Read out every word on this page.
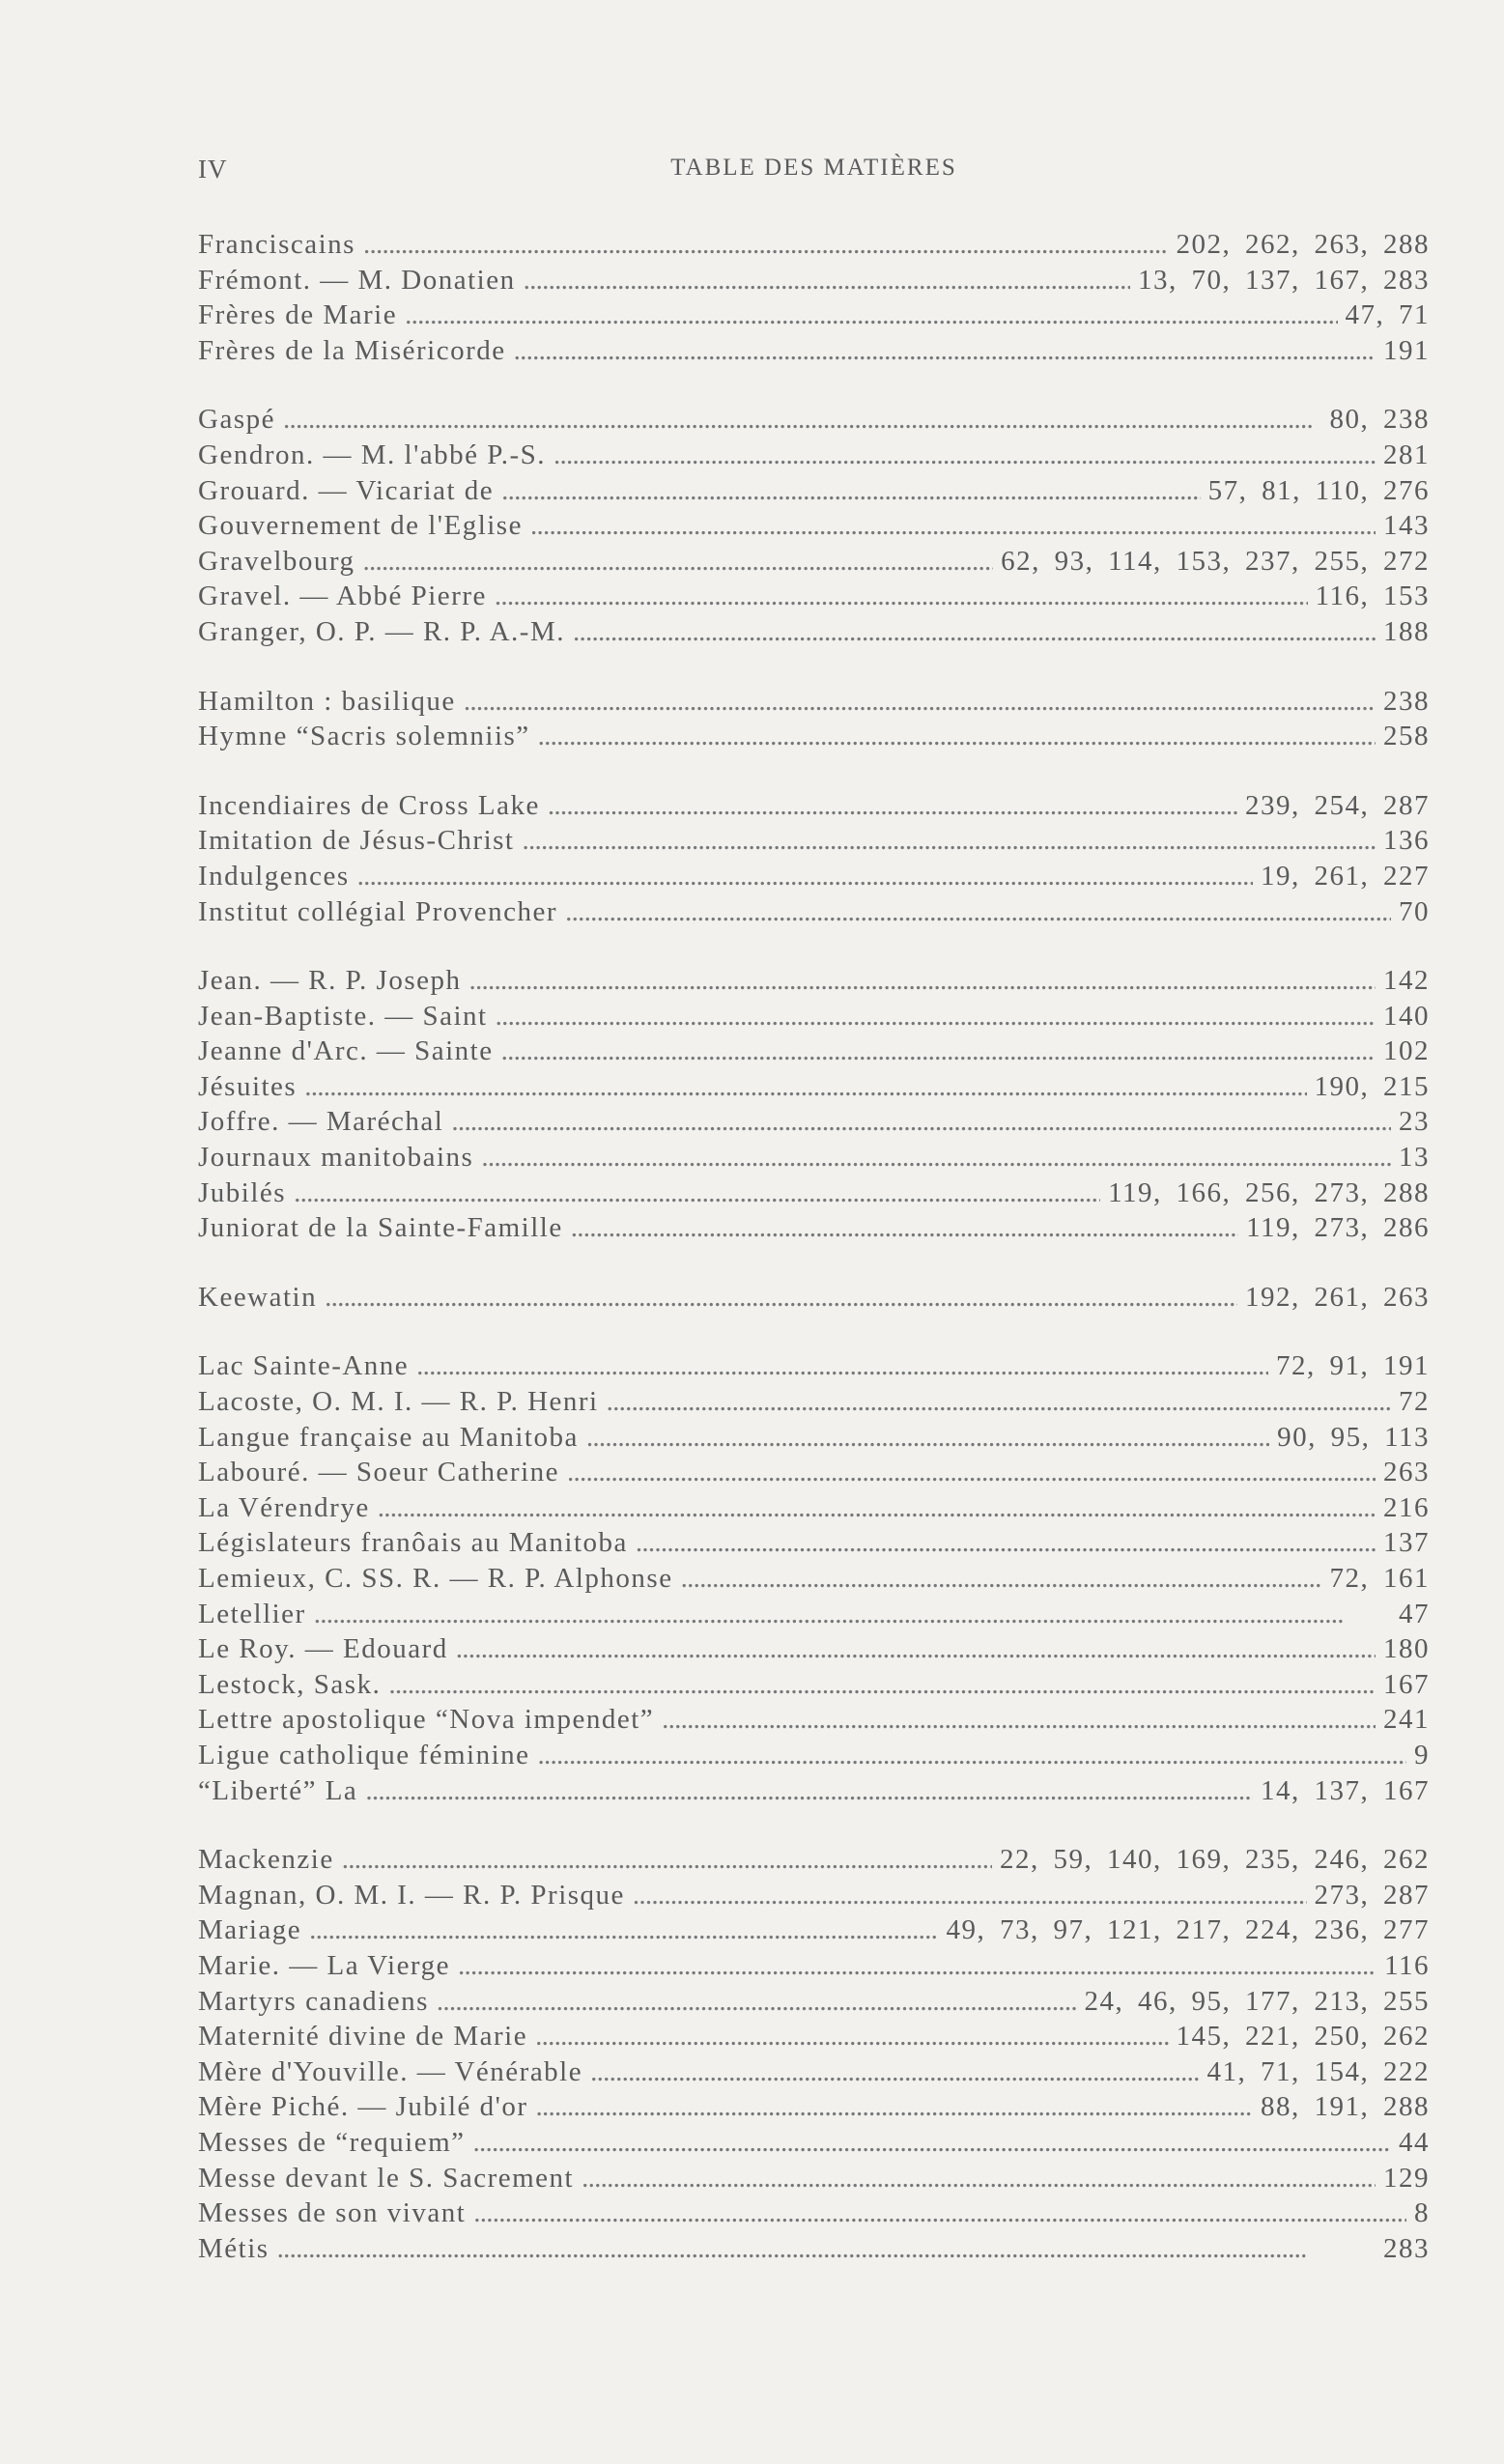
IV	TABLE DES MATIÈRES
Franciscains . . .	202, 262, 263, 288
Frémont. — M. Donatien . . .	13, 70, 137, 167, 283
Frères de Marie . . .	47, 71
Frères de la Miséricorde . . .	191
Gaspé . . .	80, 238
Gendron. — M. l'abbé P.-S. . . .	281
Grouard. — Vicariat de . . .	57, 81, 110, 276
Gouvernement de l'Eglise . . .	143
Gravelbourg . . .	62, 93, 114, 153, 237, 255, 272
Gravel. — Abbé Pierre . . .	116, 153
Granger, O. P. — R. P. A.-M. . . .	188
Hamilton : basilique . . .	238
Hymne “Sacris solemniis” . . .	258
Incendiaires de Cross Lake . . .	239, 254, 287
Imitation de Jésus-Christ . . .	136
Indulgences . . .	19, 261, 227
Institut collégial Provencher . . .	70
Jean. — R. P. Joseph . . .	142
Jean-Baptiste. — Saint . . .	140
Jeanne d'Arc. — Sainte . . .	102
Jésuites . . .	190, 215
Joffre. — Maréchal . . .	23
Journaux manitobains . . .	13
Jubilés . . .	119, 166, 256, 273, 288
Juniorat de la Sainte-Famille . . .	119, 273, 286
Keewatin . . .	192, 261, 263
Lac Sainte-Anne . . .	72, 91, 191
Lacoste, O. M. I. — R. P. Henri . . .	72
Langue française au Manitoba . . .	90, 95, 113
Labouré. — Soeur Catherine . . .	263
La Vérendrye . . .	216
Législateurs franôais au Manitoba . . .	137
Lemieux, C. SS. R. — R. P. Alphonse . . .	72, 161
Letellier . . .	47
Le Roy. — Edouard . . .	180
Lestock, Sask. . . .	167
Lettre apostolique “Nova impendet” . . .	241
Ligue catholique féminine . . .	9
“Liberté” La . . .	14, 137, 167
Mackenzie . . .	22, 59, 140, 169, 235, 246, 262
Magnan, O. M. I. — R. P. Prisque . . .	273, 287
Mariage . . .	49, 73, 97, 121, 217, 224, 236, 277
Marie. — La Vierge . . .	116
Martyrs canadiens . . .	24, 46, 95, 177, 213, 255
Maternité divine de Marie . . .	145, 221, 250, 262
Mère d'Youville. — Vénérable . . .	41, 71, 154, 222
Mère Piché. — Jubilé d'or . . .	88, 191, 288
Messes de “requiem” . . .	44
Messe devant le S. Sacrement . . .	129
Messes de son vivant . . .	8
Métis . . .	283
